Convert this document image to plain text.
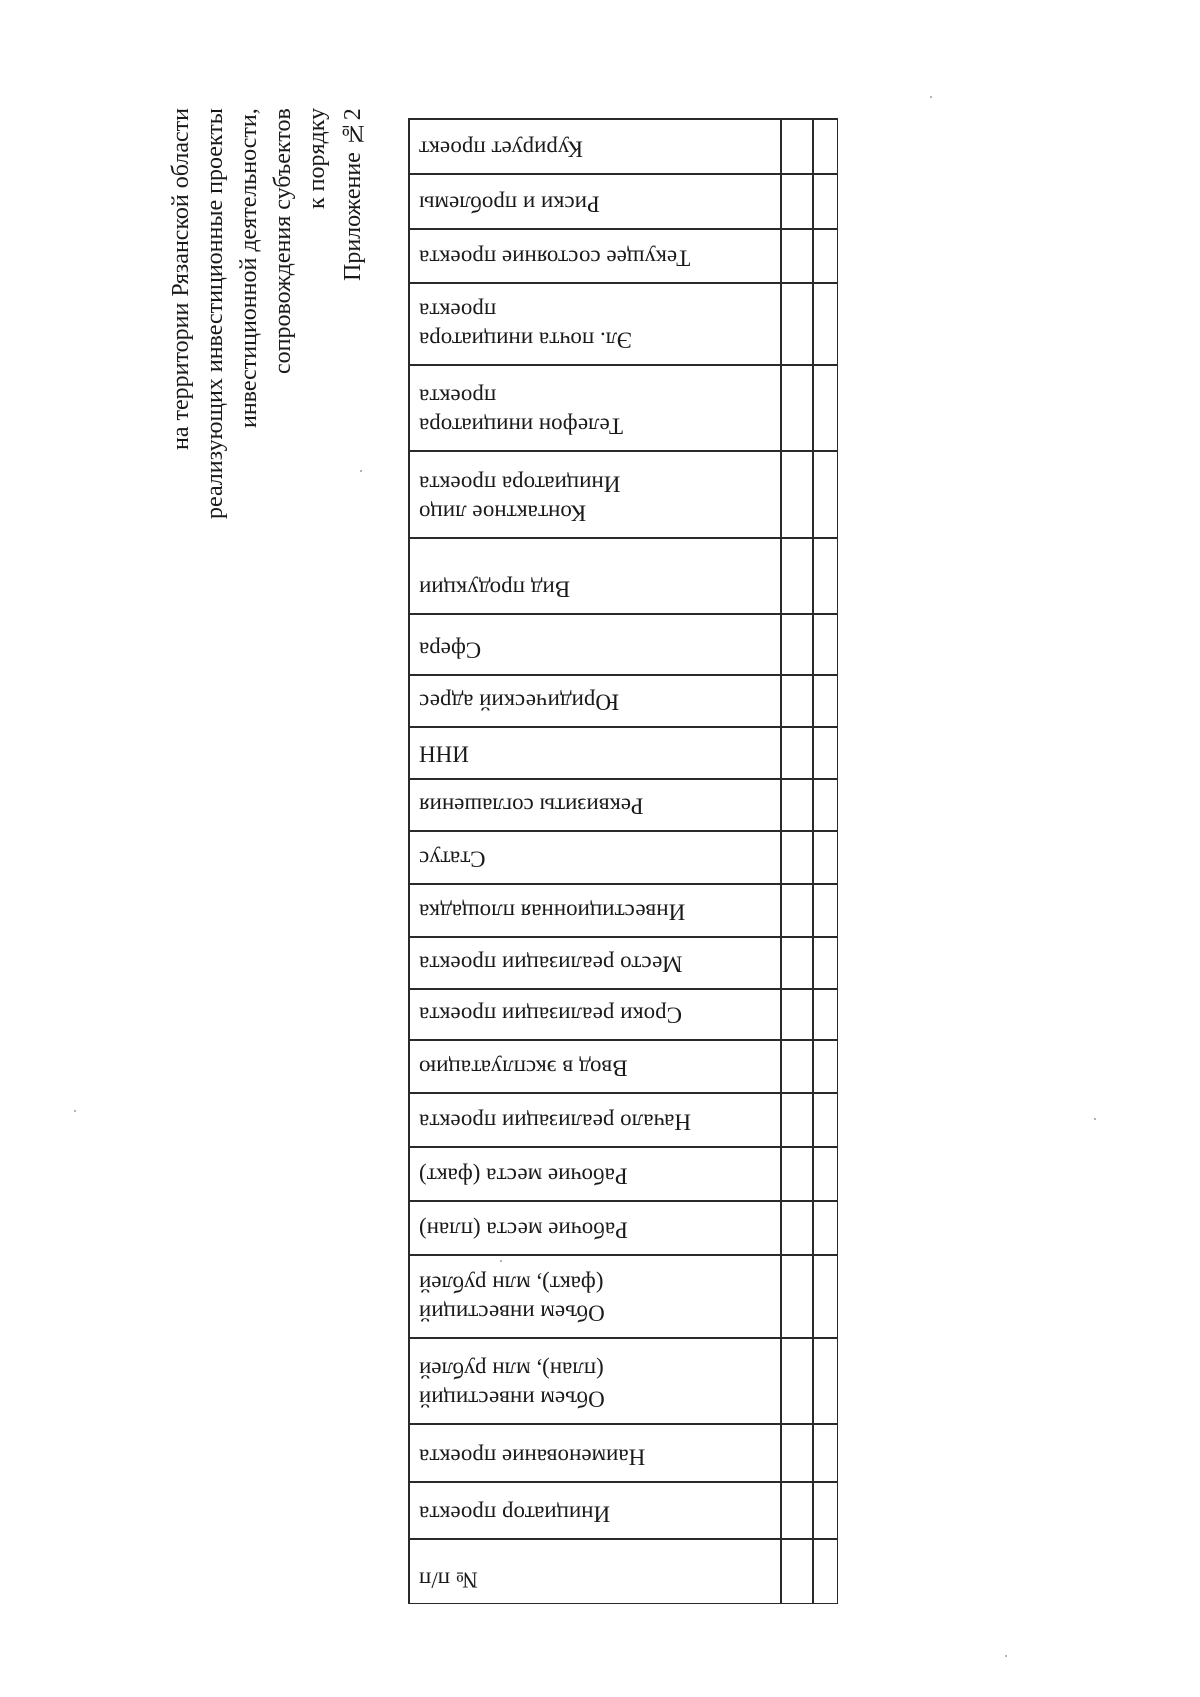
Приложение №2
к порядку
сопровождения субъектов
инвестиционной деятельности,
реализующих инвестиционные проекты
на территории Рязанской области	Курирует проект
Риски и проблемы
Текущее состояние проекта
Эл. почта инициатора
проекта
Телефон инициатора
проекта
Контактное лицо
Инициатора проекта
Вид продукции
Сфера
Юридический адрес
ИНН
Реквизиты соглашения
Статус
Инвестиционная площадка
Место реализации проекта
Сроки реализации проекта
Ввод в эксплуатацию
Начало реализации проекта
Рабочие места (факт)
Рабочие места (план)
Объем инвестиций
(факт), млн рублей
Объем инвестиций
(план), млн рублей
Наименование проекта
Инициатор проекта
№ п/п
